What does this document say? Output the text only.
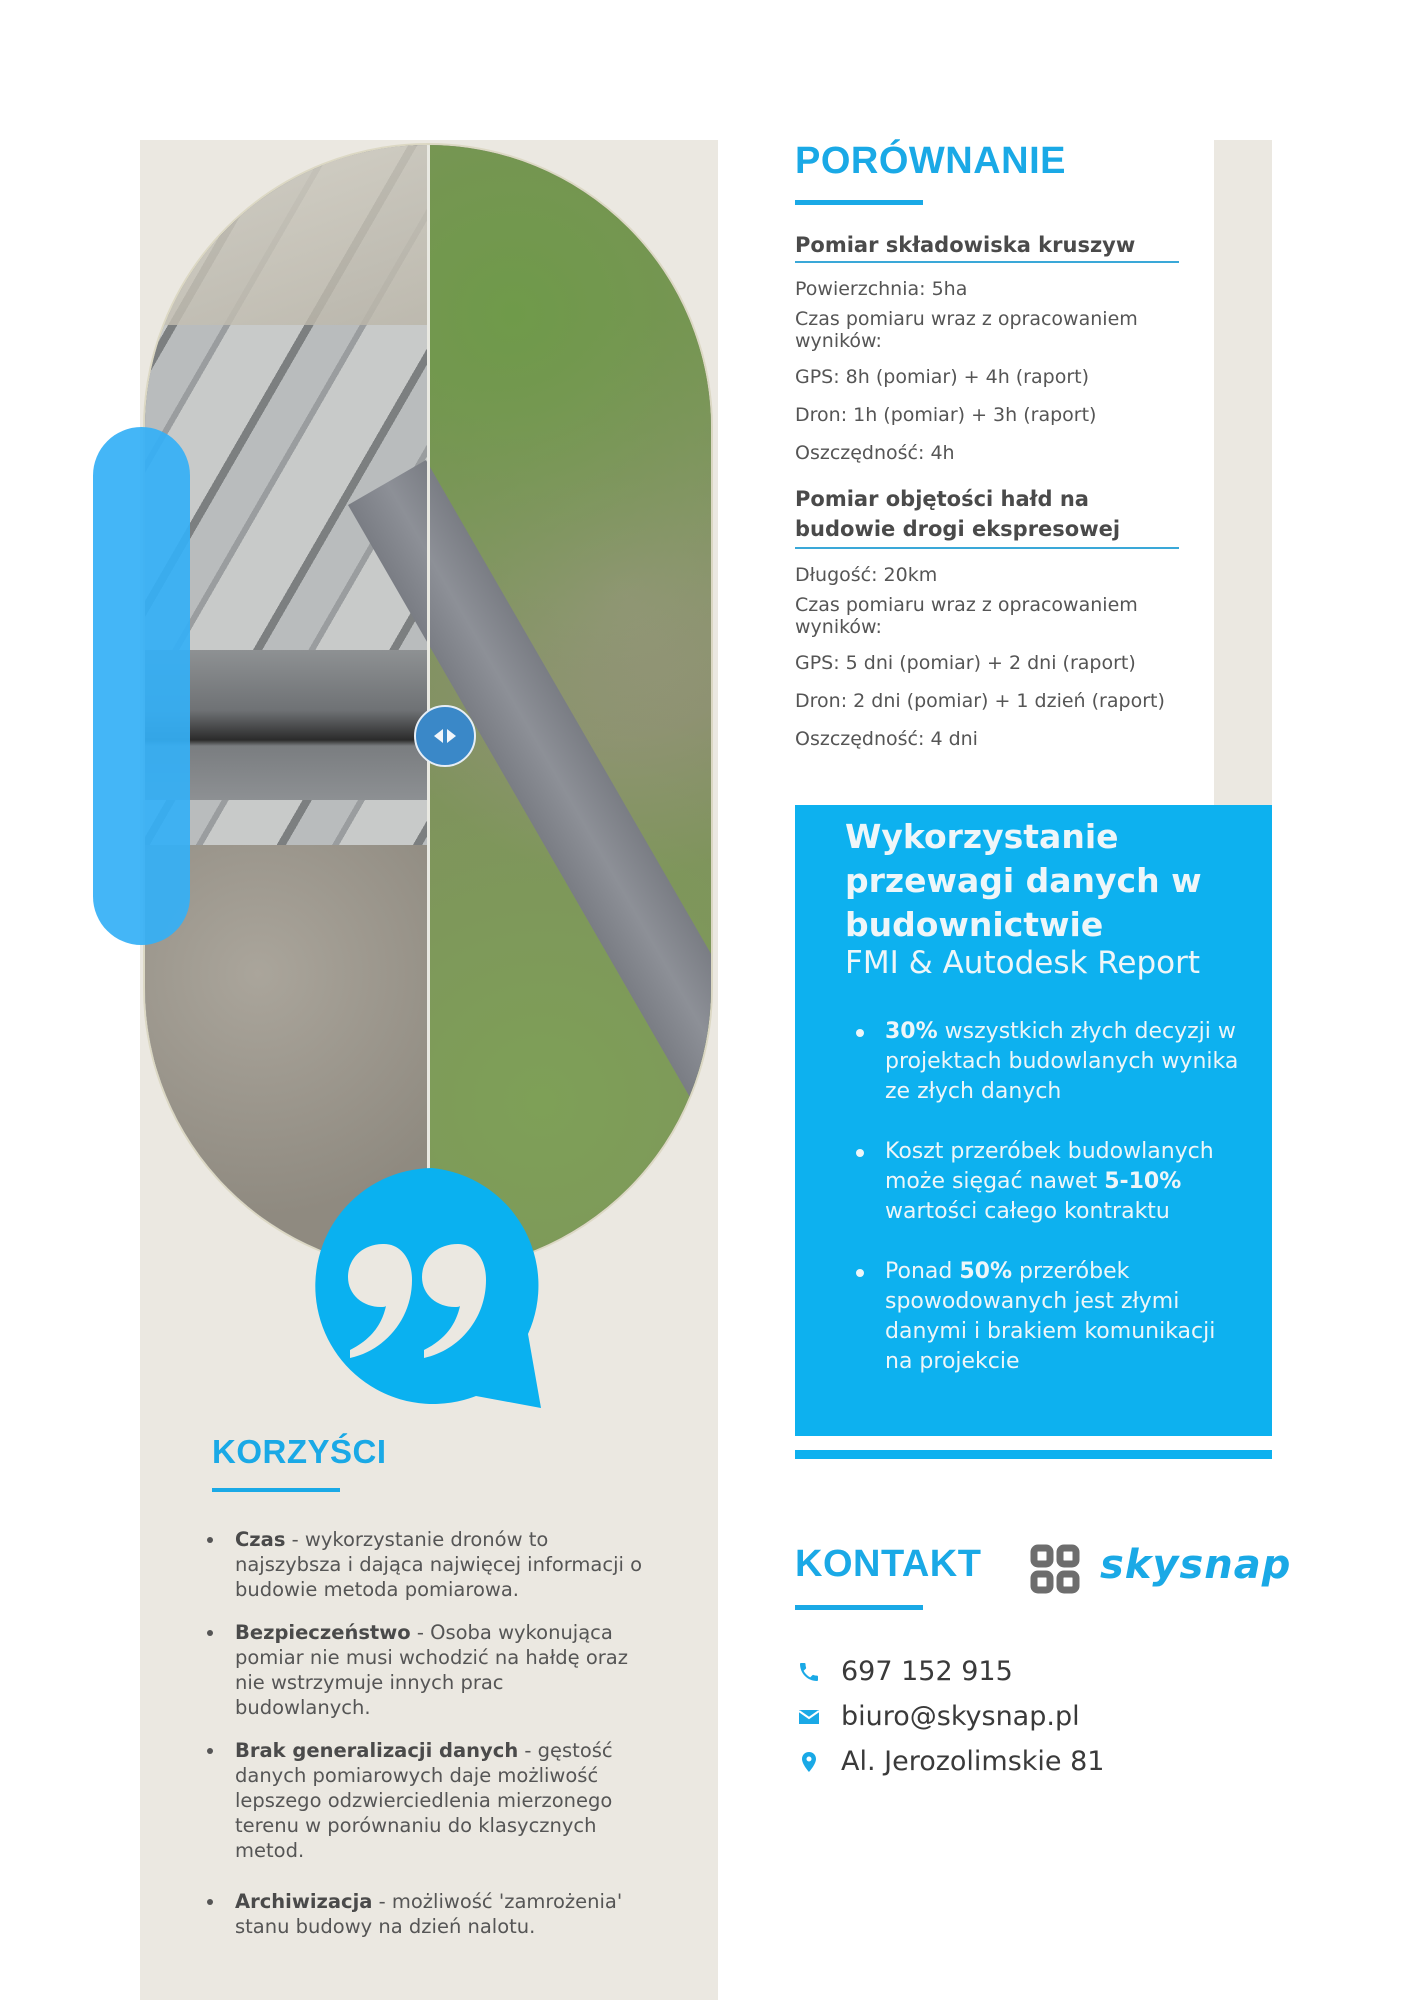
PORÓWNANIE
Pomiar składowiska kruszyw
Powierzchnia: 5ha
Czas pomiaru wraz z opracowaniem wyników:
GPS: 8h (pomiar) + 4h (raport)
Dron: 1h (pomiar) + 3h (raport)
Oszczędność: 4h
Pomiar objętości hałd na budowie drogi ekspresowej
Długość: 20km
Czas pomiaru wraz z opracowaniem wyników:
GPS: 5 dni (pomiar) + 2 dni (raport)
Dron: 2 dni (pomiar) + 1 dzień (raport)
Oszczędność: 4 dni
Wykorzystanie przewagi danych w budownictwie
FMI & Autodesk Report
30% wszystkich złych decyzji w projektach budowlanych wynika ze złych danych
Koszt przeróbek budowlanych może sięgać nawet 5-10% wartości całego kontraktu
Ponad 50% przeróbek spowodowanych jest złymi danymi i brakiem komunikacji na projekcie
KONTAKT	skysnap
697 152 915
biuro@skysnap.pl
Al. Jerozolimskie 81
KORZYŚCI
Czas - wykorzystanie dronów to najszybsza i dająca najwięcej informacji o budowie metoda pomiarowa.
Bezpieczeństwo - Osoba wykonująca pomiar nie musi wchodzić na hałdę oraz nie wstrzymuje innych prac budowlanych.
Brak generalizacji danych - gęstość danych pomiarowych daje możliwość lepszego odzwierciedlenia mierzonego terenu w porównaniu do klasycznych metod.
Archiwizacja - możliwość 'zamrożenia' stanu budowy na dzień nalotu.
